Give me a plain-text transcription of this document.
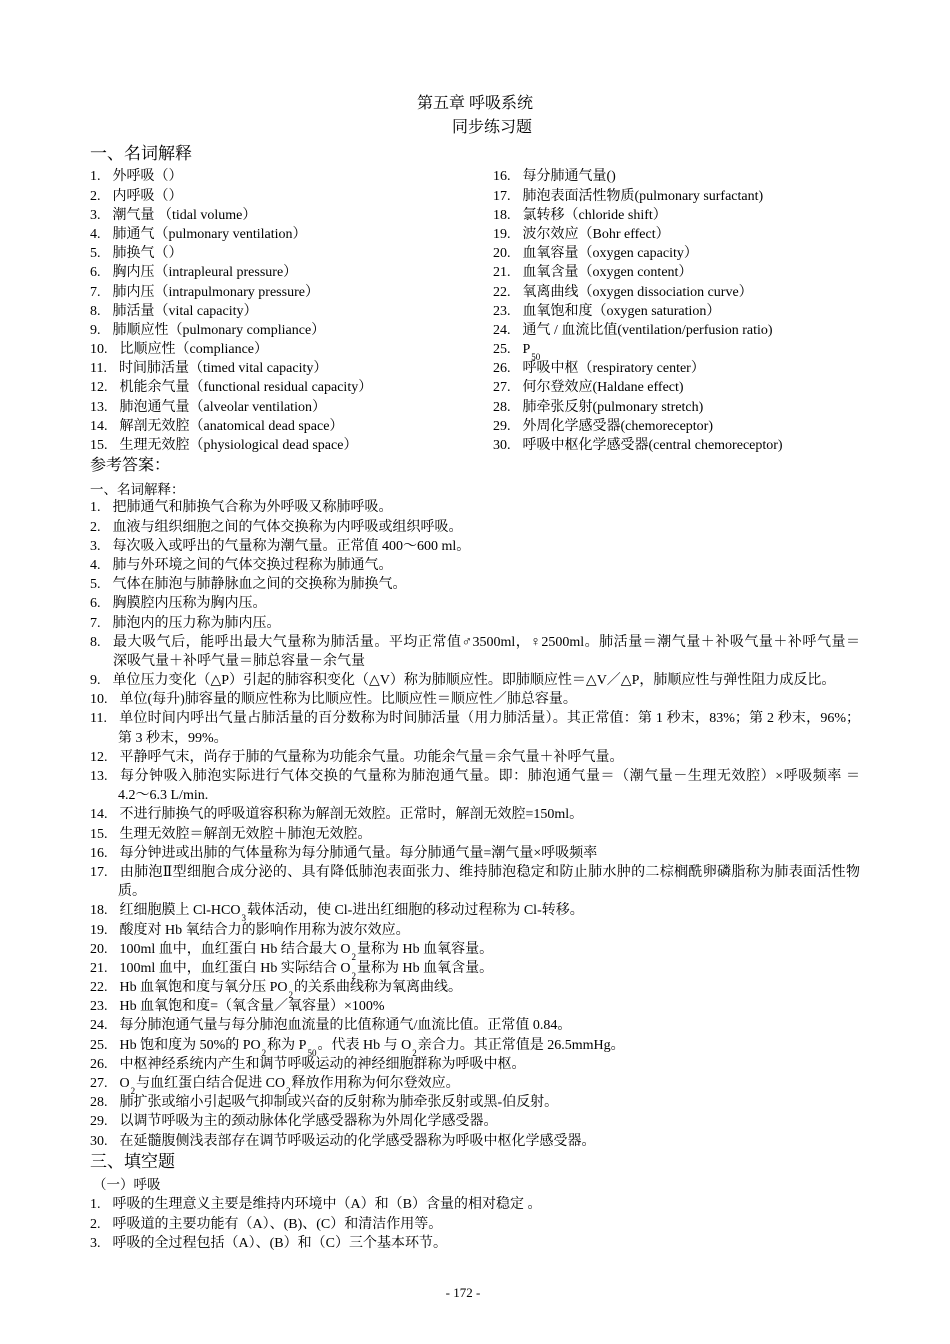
第五章 呼吸系统
同步练习题
一、名词解释
1. 外呼吸（）
2. 内呼吸（）
3. 潮气量 （tidal volume）
4. 肺通气（pulmonary ventilation）
5. 肺换气（）
6. 胸内压（intrapleural pressure）
7. 肺内压（intrapulmonary pressure）
8. 肺活量（vital capacity）
9. 肺顺应性（pulmonary compliance）
10. 比顺应性（compliance）
11. 时间肺活量（timed vital capacity）
12. 机能余气量（functional residual capacity）
13. 肺泡通气量（alveolar ventilation）
14. 解剖无效腔（anatomical dead space）
15. 生理无效腔（physiological dead space）
16. 每分肺通气量()
17. 肺泡表面活性物质(pulmonary surfactant)
18. 氯转移（chloride shift）
19. 波尔效应（Bohr effect）
20. 血氧容量（oxygen capacity）
21. 血氧含量（oxygen content）
22. 氧离曲线（oxygen dissociation curve）
23. 血氧饱和度（oxygen saturation）
24. 通气 / 血流比值(ventilation/perfusion ratio)
25. $P_{50}$
26. 呼吸中枢（respiratory center）
27. 何尔登效应(Haldane effect)
28. 肺牵张反射(pulmonary stretch)
29. 外周化学感受器(chemoreceptor)
30. 呼吸中枢化学感受器(central chemoreceptor)
参考答案：
一、名词解释：
1. 把肺通气和肺换气合称为外呼吸又称肺呼吸。
2. 血液与组织细胞之间的气体交换称为内呼吸或组织呼吸。
3. 每次吸入或呼出的气量称为潮气量。正常值 400～600 ml。
4. 肺与外环境之间的气体交换过程称为肺通气。
5. 气体在肺泡与肺静脉血之间的交换称为肺换气。
6. 胸膜腔内压称为胸内压。
7. 肺泡内的压力称为肺内压。
8. 最大吸气后，能呼出最大气量称为肺活量。平均正常值♂3500ml，♀2500ml。肺活量＝潮气量＋补吸气量＋补呼气量＝
深吸气量＋补呼气量＝肺总容量－余气量
9. 单位压力变化（△P）引起的肺容积变化（△V）称为肺顺应性。即肺顺应性＝△V／△P，肺顺应性与弹性阻力成反比。
10. 单位(每升)肺容量的顺应性称为比顺应性。比顺应性＝顺应性／肺总容量。
11. 单位时间内呼出气量占肺活量的百分数称为时间肺活量（用力肺活量）。其正常值：第 1 秒末，83%；第 2 秒末，96%；
第 3 秒末，99%。
12. 平静呼气末，尚存于肺的气量称为功能余气量。功能余气量＝余气量＋补呼气量。
13. 每分钟吸入肺泡实际进行气体交换的气量称为肺泡通气量。即：肺泡通气量＝（潮气量－生理无效腔）×呼吸频率 ＝
4.2～6.3 L/min.
14. 不进行肺换气的呼吸道容积称为解剖无效腔。正常时，解剖无效腔=150ml。
15. 生理无效腔＝解剖无效腔＋肺泡无效腔。
16. 每分钟进或出肺的气体量称为每分肺通气量。每分肺通气量=潮气量×呼吸频率
17. 由肺泡Ⅱ型细胞合成分泌的、具有降低肺泡表面张力、维持肺泡稳定和防止肺水肿的二棕榈酰卵磷脂称为肺表面活性物
质。
18. 红细胞膜上 $Cl-HCO_3$载体活动，使 Cl-进出红细胞的移动过程称为 Cl-转移。
19. 酸度对 Hb 氧结合力的影响作用称为波尔效应。
20. 100ml 血中，血红蛋白 Hb 结合最大 $O_2$量称为 Hb 血氧容量。
21. 100ml 血中，血红蛋白 Hb 实际结合 $O_2$量称为 Hb 血氧含量。
22. Hb 血氧饱和度与氧分压 $PO_2$的关系曲线称为氧离曲线。
23. Hb 血氧饱和度=（氧含量／氧容量）×100%
24. 每分肺泡通气量与每分肺泡血流量的比值称通气/血流比值。正常值 0.84。
25. Hb 饱和度为 50%的 $PO_2$称为 $P_{50}$。代表 Hb 与 $O_2$亲合力。其正常值是 26.5mmHg。
26. 中枢神经系统内产生和调节呼吸运动的神经细胞群称为呼吸中枢。
27. $O_2$与血红蛋白结合促进 $CO_2$释放作用称为何尔登效应。
28. 肺扩张或缩小引起吸气抑制或兴奋的反射称为肺牵张反射或黑-伯反射。
29. 以调节呼吸为主的颈动脉体化学感受器称为外周化学感受器。
30. 在延髓腹侧浅表部存在调节呼吸运动的化学感受器称为呼吸中枢化学感受器。
三、填空题
（一）呼吸
1. 呼吸的生理意义主要是维持内环境中（A）和（B）含量的相对稳定 。
2. 呼吸道的主要功能有（A）、(B)、(C）和清洁作用等。
3. 呼吸的全过程包括（A）、(B）和（C）三个基本环节。
- 172 -
